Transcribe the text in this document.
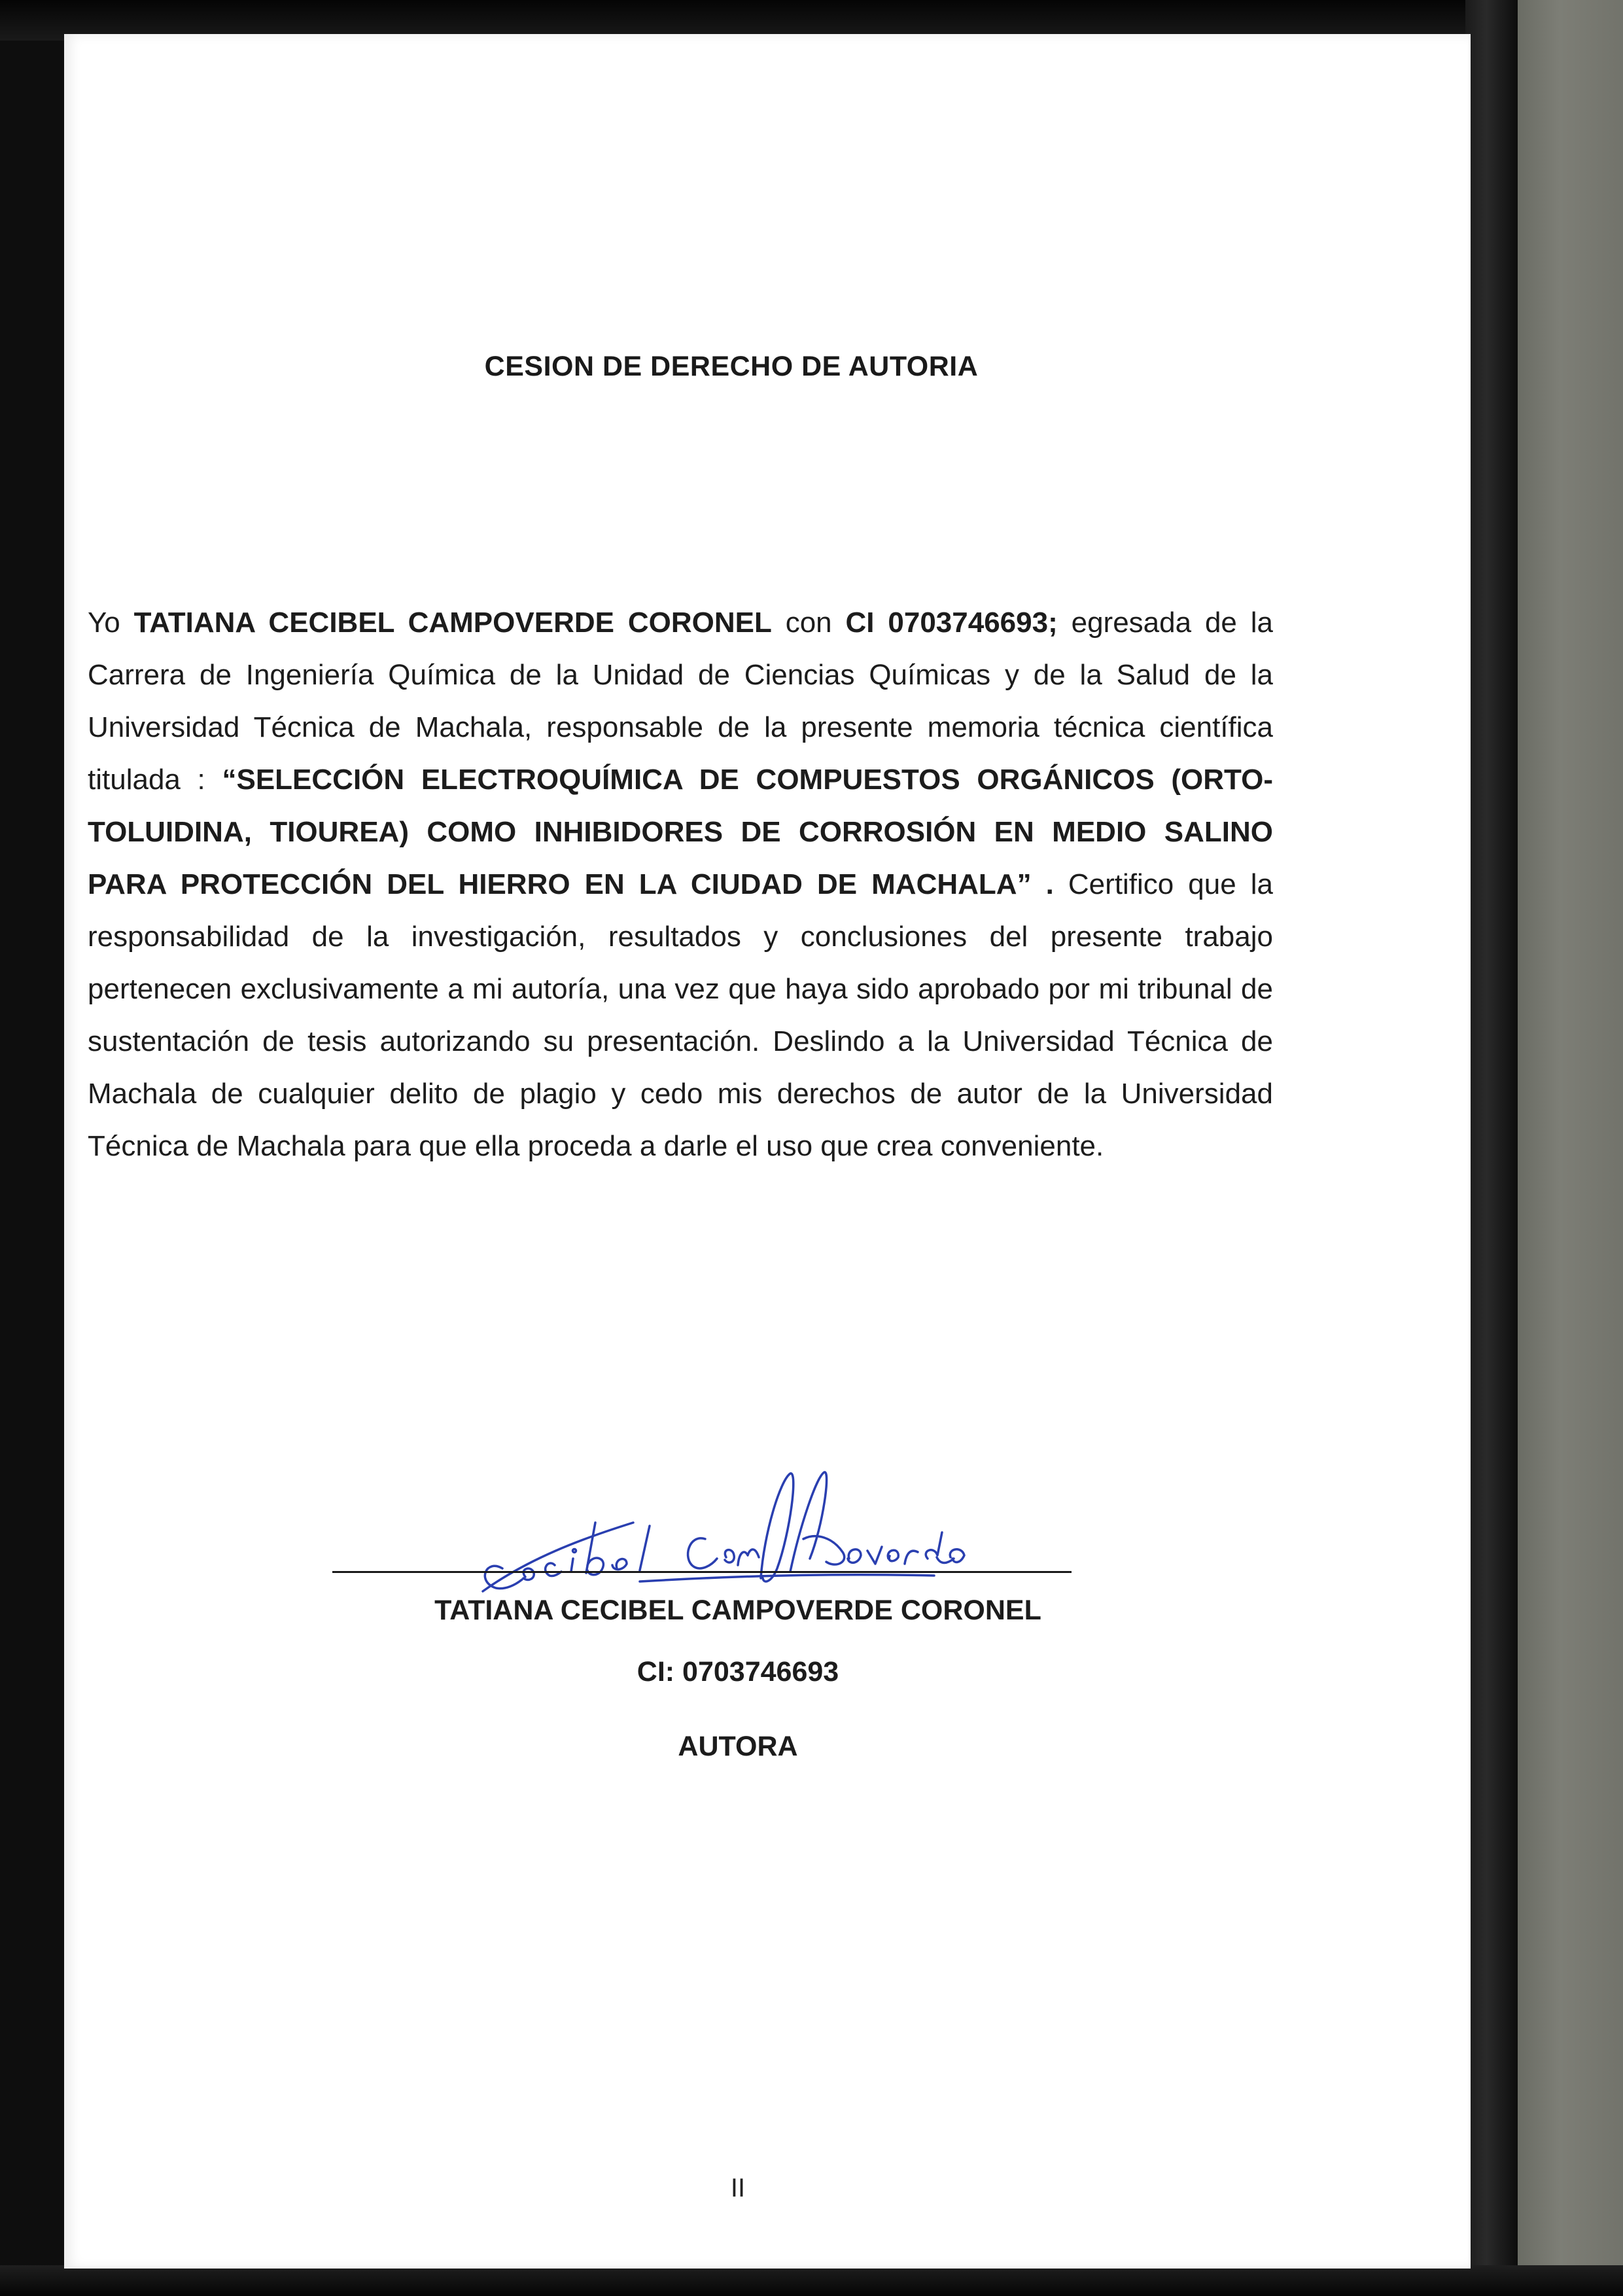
CESION DE DERECHO DE AUTORIA

Yo TATIANA CECIBEL CAMPOVERDE CORONEL con CI 0703746693; egresada de la Carrera de Ingeniería Química de la Unidad de Ciencias Químicas y de la Salud de la Universidad Técnica de Machala, responsable de la presente memoria técnica científica titulada : “SELECCIÓN ELECTROQUÍMICA DE COMPUESTOS ORGÁNICOS (ORTO-TOLUIDINA, TIOUREA) COMO INHIBIDORES DE CORROSIÓN EN MEDIO SALINO PARA PROTECCIÓN DEL HIERRO EN LA CIUDAD DE MACHALA” . Certifico que la responsabilidad de la investigación, resultados y conclusiones del presente trabajo pertenecen exclusivamente a mi autoría, una vez que haya sido aprobado por mi tribunal de sustentación de tesis autorizando su presentación. Deslindo a la Universidad Técnica de Machala de cualquier delito de plagio y cedo mis derechos de autor de la Universidad Técnica de Machala para que ella proceda a darle el uso que crea conveniente.

TATIANA CECIBEL CAMPOVERDE CORONEL

CI: 0703746693

AUTORA

II
